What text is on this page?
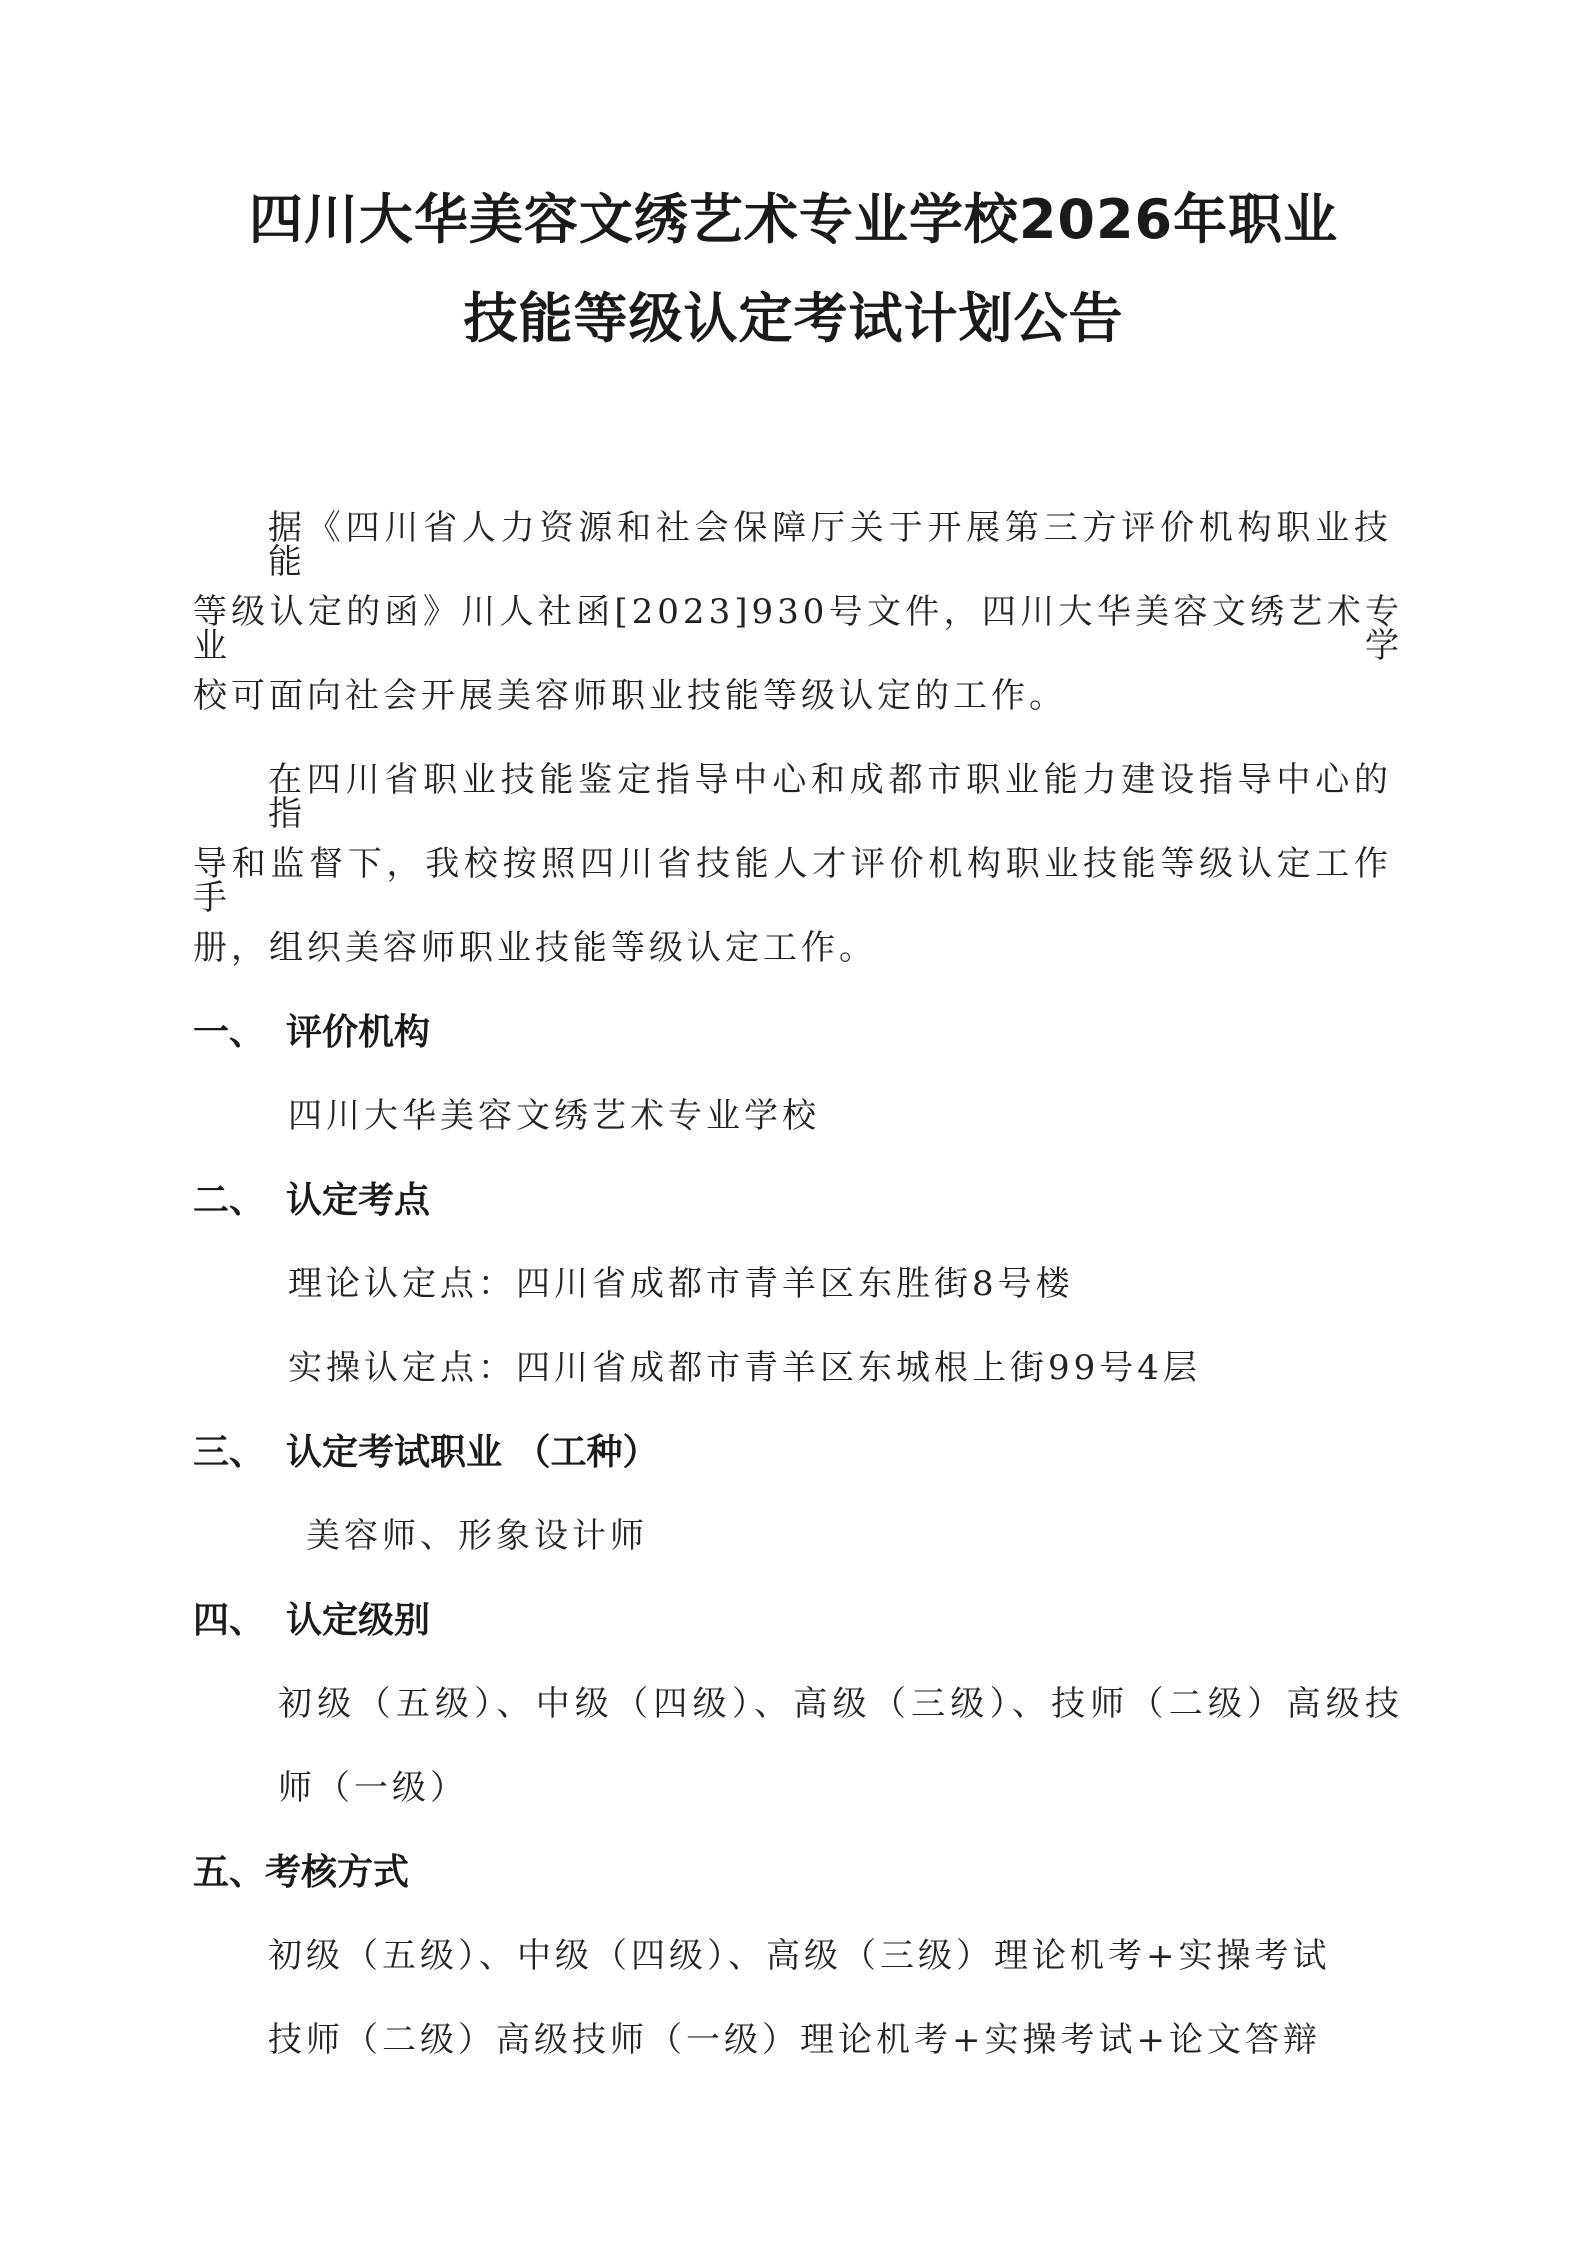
四川大华美容文绣艺术专业学校2026年职业
技能等级认定考试计划公告
据《四川省人力资源和社会保障厅关于开展第三方评价机构职业技能
等级认定的函》川人社函[2023]930号文件，四川大华美容文绣艺术专业学
校可面向社会开展美容师职业技能等级认定的工作。
在四川省职业技能鉴定指导中心和成都市职业能力建设指导中心的指
导和监督下，我校按照四川省技能人才评价机构职业技能等级认定工作手
册，组织美容师职业技能等级认定工作。
一、 评价机构
四川大华美容文绣艺术专业学校
二、 认定考点
理论认定点：四川省成都市青羊区东胜街8号楼
实操认定点：四川省成都市青羊区东城根上街99号4层
三、 认定考试职业 （工种）
美容师、形象设计师
四、 认定级别
初级（五级）、中级（四级）、高级（三级）、技师（二级）高级技
师（一级）
五、考核方式
初级（五级）、中级（四级）、高级（三级）理论机考+实操考试
技师（二级）高级技师（一级）理论机考+实操考试+论文答辩
